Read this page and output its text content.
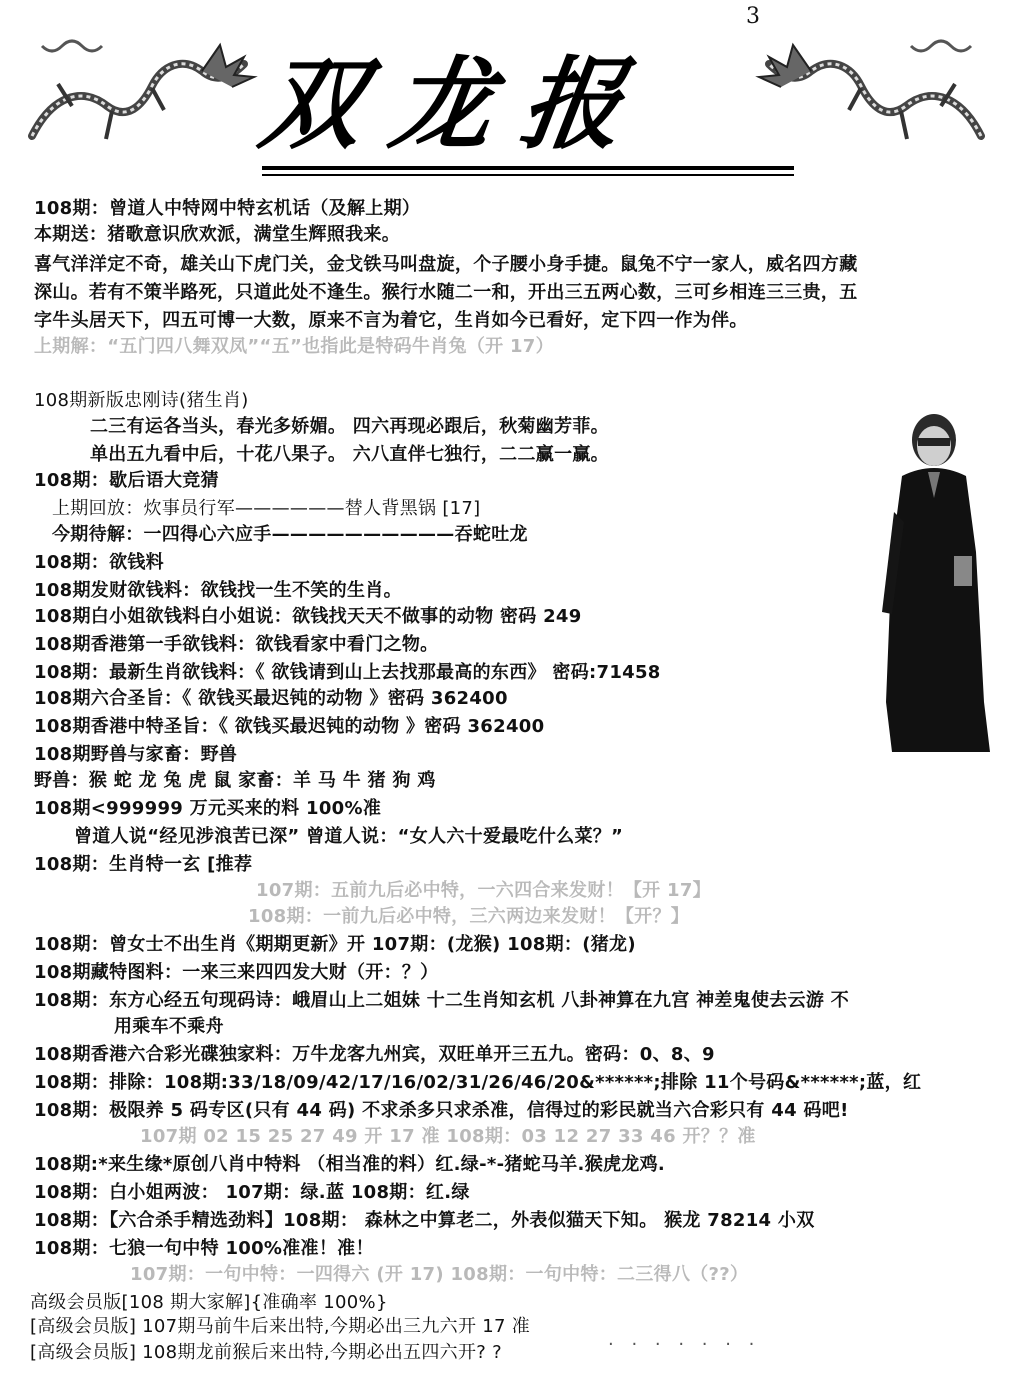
3
双龙报
108期：曾道人中特网中特玄机话（及解上期）
本期送：猪歌意识欣欢派，满堂生辉照我来。
喜气洋洋定不奇，雄关山下虎门关，金戈铁马叫盘旋，个子腰小身手捷。鼠兔不宁一家人，威名四方藏
深山。若有不策半路死，只道此处不逢生。猴行水随二一和，开出三五两心数，三可乡相连三三贵，五
字牛头居天下，四五可博一大数，原来不言为着它，生肖如今已看好，定下四一作为伴。
上期解：“五门四八舞双凤”“五”也指此是特码牛肖兔（开 17）
108期新版忠刚诗(猪生肖)
二三有运各当头，春光多娇媚。 四六再现必跟后，秋菊幽芳菲。
单出五九看中后，十花八果子。 六八直伴七独行，二二赢一赢。
108期：歇后语大竞猜
上期回放：炊事员行军——————替人背黑锅 [17]
今期待解：一四得心六应手——————————吞蛇吐龙
108期：欲钱料
108期发财欲钱料：欲钱找一生不笑的生肖。
108期白小姐欲钱料白小姐说：欲钱找天天不做事的动物 密码 249
108期香港第一手欲钱料：欲钱看家中看门之物。
108期：最新生肖欲钱料：《 欲钱请到山上去找那最高的东西》 密码:71458
108期六合圣旨：《 欲钱买最迟钝的动物 》密码 362400
108期香港中特圣旨：《 欲钱买最迟钝的动物 》密码 362400
108期野兽与家畜：野兽
野兽：猴 蛇 龙 兔 虎 鼠 家畜：羊 马 牛 猪 狗 鸡
108期<999999 万元买来的料 100%准
曾道人说“经见涉浪苦已深” 曾道人说：“女人六十爱最吃什么菜？”
108期：生肖特一玄 [推荐
107期：五前九后必中特，一六四合来发财！【开 17】
108期：一前九后必中特，三六两边来发财！【开？】
108期：曾女士不出生肖《期期更新》开 107期：(龙猴) 108期：(猪龙)
108期藏特图料：一来三来四四发大财（开：？）
108期：东方心经五句现码诗：峨眉山上二姐妹 十二生肖知玄机 八卦神算在九宫 神差鬼使去云游 不
用乘车不乘舟
108期香港六合彩光碟独家料：万牛龙客九州宾，双旺单开三五九。密码：0、8、9
108期：排除：108期:33/18/09/42/17/16/02/31/26/46/20&******;排除 11个号码&******;蓝，红
108期：极限养 5 码专区(只有 44 码) 不求杀多只求杀准，信得过的彩民就当六合彩只有 44 码吧!
107期 02 15 25 27 49 开 17 准 108期：03 12 27 33 46 开？？准
108期:*来生缘*原创八肖中特料 （相当准的料）红.绿-*-猪蛇马羊.猴虎龙鸡.
108期：白小姐两波： 107期：绿.蓝 108期：红.绿
108期：【六合杀手精选劲料】108期： 森林之中算老二，外表似猫天下知。 猴龙 78214 小双
108期：七狼一句中特 100%准准！准！
107期：一句中特：一四得六 (开 17) 108期：一句中特：二三得八（??）
高级会员版[108 期大家解]{准确率 100%}
[高级会员版] 107期马前牛后来出特,今期必出三九六开 17 准
[高级会员版] 108期龙前猴后来出特,今期必出五四六开? ?	· · · · · · ·
